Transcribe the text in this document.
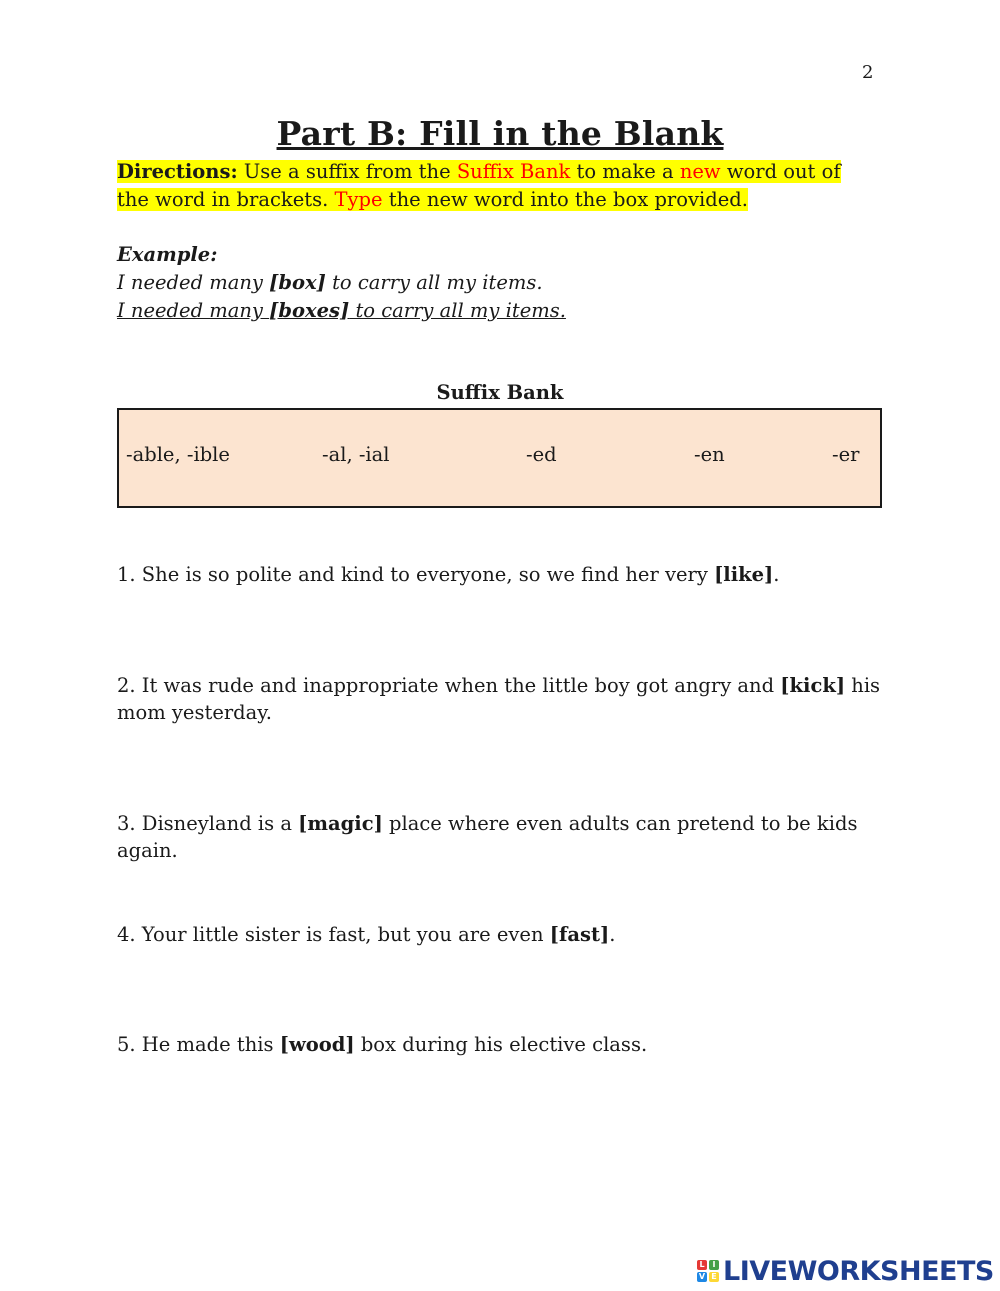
2
Part B: Fill in the Blank
Directions: Use a suffix from the Suffix Bank to make a new word out of the word in brackets. Type the new word into the box provided.
Example:
I needed many [box] to carry all my items.
I needed many [boxes] to carry all my items.
Suffix Bank
-able, -ible	-al, -ial	-ed	-en	-er
1. She is so polite and kind to everyone, so we find her very [like].
2. It was rude and inappropriate when the little boy got angry and [kick] his mom yesterday.
3. Disneyland is a [magic] place where even adults can pretend to be kids again.
4. Your little sister is fast, but you are even [fast].
5. He made this [wood] box during his elective class.
L I
V E LIVEWORKSHEETS
